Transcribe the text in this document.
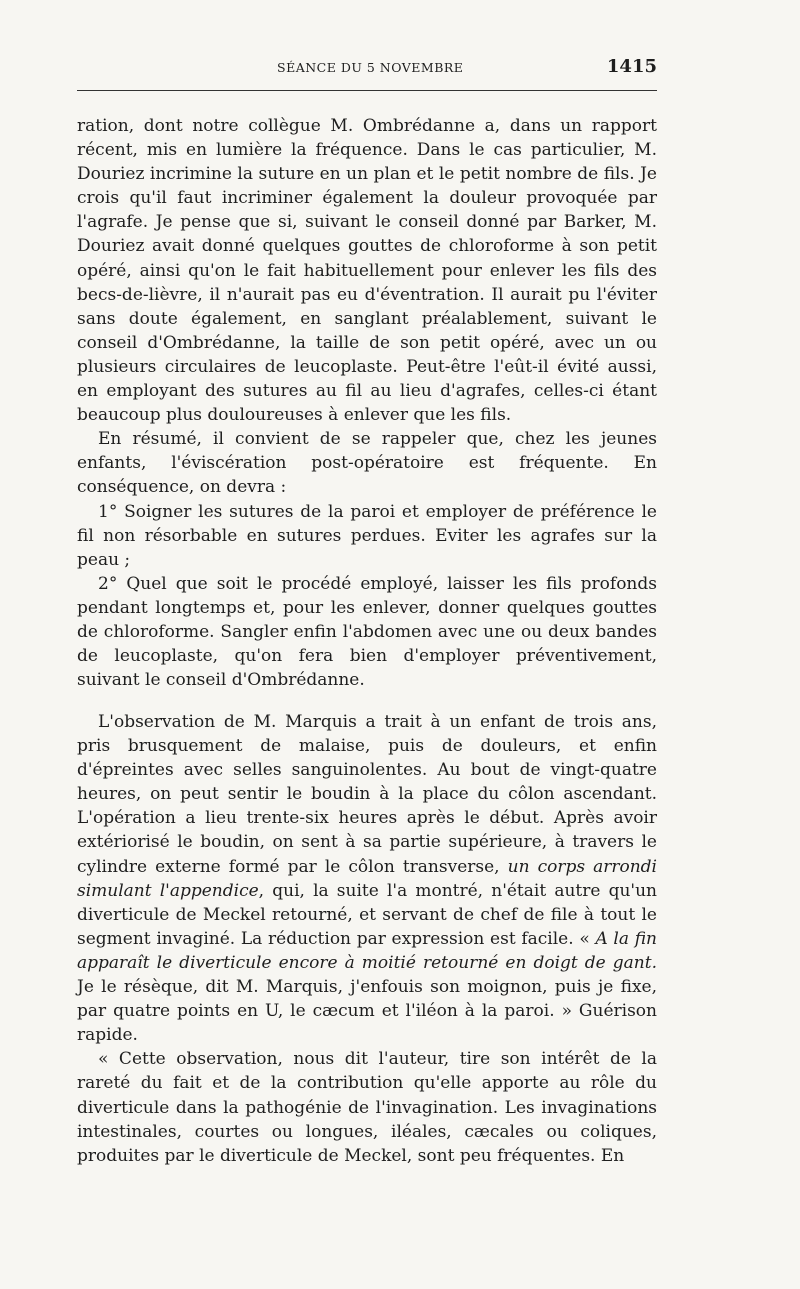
SÉANCE DU 5 NOVEMBRE	1415

ration, dont notre collègue M. Ombrédanne a, dans un rapport récent, mis en lumière la fréquence. Dans le cas particulier, M. Douriez incrimine la suture en un plan et le petit nombre de fils. Je crois qu'il faut incriminer également la douleur provoquée par l'agrafe. Je pense que si, suivant le conseil donné par Barker, M. Douriez avait donné quelques gouttes de chloroforme à son petit opéré, ainsi qu'on le fait habituellement pour enlever les fils des becs-de-lièvre, il n'aurait pas eu d'éventration. Il aurait pu l'éviter sans doute également, en sanglant préalablement, suivant le conseil d'Ombrédanne, la taille de son petit opéré, avec un ou plusieurs circulaires de leucoplaste. Peut-être l'eût-il évité aussi, en employant des sutures au fil au lieu d'agrafes, celles-ci étant beaucoup plus douloureuses à enlever que les fils.

En résumé, il convient de se rappeler que, chez les jeunes enfants, l'éviscération post-opératoire est fréquente. En conséquence, on devra :

1° Soigner les sutures de la paroi et employer de préférence le fil non résorbable en sutures perdues. Eviter les agrafes sur la peau ;

2° Quel que soit le procédé employé, laisser les fils profonds pendant longtemps et, pour les enlever, donner quelques gouttes de chloroforme. Sangler enfin l'abdomen avec une ou deux bandes de leucoplaste, qu'on fera bien d'employer préventivement, suivant le conseil d'Ombrédanne.

L'observation de M. Marquis a trait à un enfant de trois ans, pris brusquement de malaise, puis de douleurs, et enfin d'épreintes avec selles sanguinolentes. Au bout de vingt-quatre heures, on peut sentir le boudin à la place du côlon ascendant. L'opération a lieu trente-six heures après le début. Après avoir extériorisé le boudin, on sent à sa partie supérieure, à travers le cylindre externe formé par le côlon transverse, un corps arrondi simulant l'appendice, qui, la suite l'a montré, n'était autre qu'un diverticule de Meckel retourné, et servant de chef de file à tout le segment invaginé. La réduction par expression est facile. « A la fin apparaît le diverticule encore à moitié retourné en doigt de gant. Je le résèque, dit M. Marquis, j'enfouis son moignon, puis je fixe, par quatre points en U, le cæcum et l'iléon à la paroi. » Guérison rapide.

« Cette observation, nous dit l'auteur, tire son intérêt de la rareté du fait et de la contribution qu'elle apporte au rôle du diverticule dans la pathogénie de l'invagination. Les invaginations intestinales, courtes ou longues, iléales, cæcales ou coliques, produites par le diverticule de Meckel, sont peu fréquentes. En
